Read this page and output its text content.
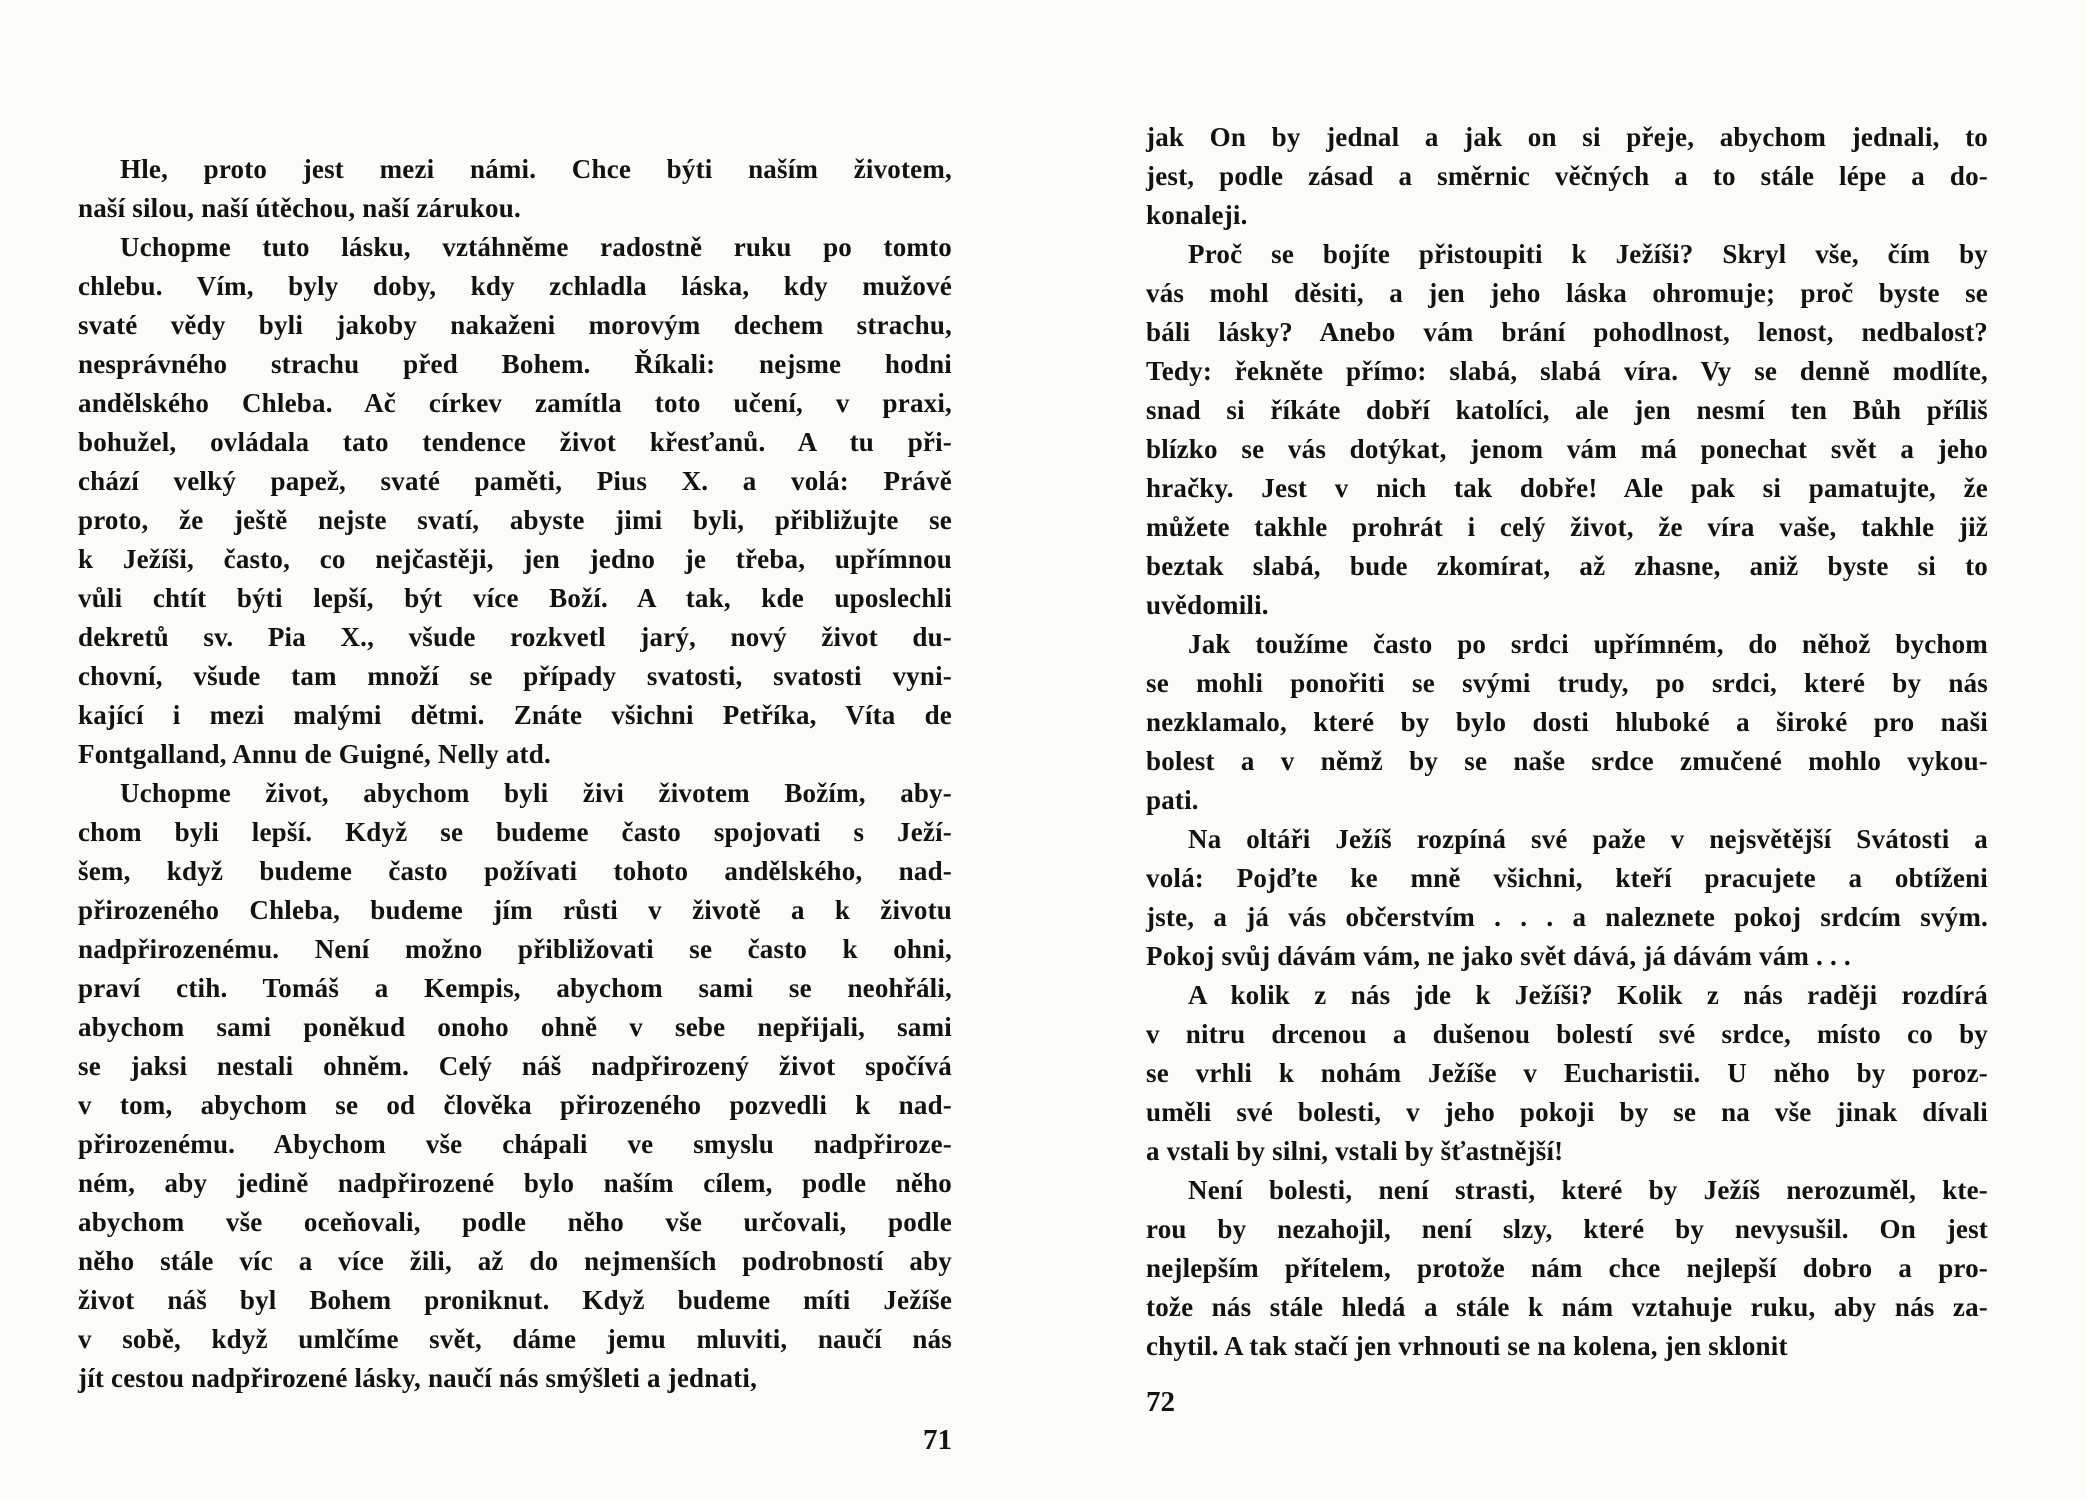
Hle, proto jest mezi námi. Chce býti naším životem,
naší silou, naší útěchou, naší zárukou.
Uchopme tuto lásku, vztáhněme radostně ruku po tomto
chlebu. Vím, byly doby, kdy zchladla láska, kdy mužové
svaté vědy byli jakoby nakaženi morovým dechem strachu,
nesprávného strachu před Bohem. Říkali: nejsme hodni
andělského Chleba. Ač církev zamítla toto učení, v praxi,
bohužel, ovládala tato tendence život křesťanů. A tu při-
chází velký papež, svaté paměti, Pius X. a volá: Právě
proto, že ještě nejste svatí, abyste jimi byli, přibližujte se
k Ježíši, často, co nejčastěji, jen jedno je třeba, upřímnou
vůli chtít býti lepší, být více Boží. A tak, kde uposlechli
dekretů sv. Pia X., všude rozkvetl jarý, nový život du-
chovní, všude tam množí se případy svatosti, svatosti vyni-
kající i mezi malými dětmi. Znáte všichni Petříka, Víta de
Fontgalland, Annu de Guigné, Nelly atd.
Uchopme život, abychom byli živi životem Božím, aby-
chom byli lepší. Když se budeme často spojovati s Ježí-
šem, když budeme často požívati tohoto andělského, nad-
přirozeného Chleba, budeme jím růsti v životě a k životu
nadpřirozenému. Není možno přibližovati se často k ohni,
praví ctih. Tomáš a Kempis, abychom sami se neohřáli,
abychom sami poněkud onoho ohně v sebe nepřijali, sami
se jaksi nestali ohněm. Celý náš nadpřirozený život spočívá
v tom, abychom se od člověka přirozeného pozvedli k nad-
přirozenému. Abychom vše chápali ve smyslu nadpřiroze-
ném, aby jedině nadpřirozené bylo naším cílem, podle něho
abychom vše oceňovali, podle něho vše určovali, podle
něho stále víc a více žili, až do nejmenších podrobností aby
život náš byl Bohem proniknut. Když budeme míti Ježíše
v sobě, když umlčíme svět, dáme jemu mluviti, naučí nás
jít cestou nadpřirozené lásky, naučí nás smýšleti a jednati,
71
jak On by jednal a jak on si přeje, abychom jednali, to
jest, podle zásad a směrnic věčných a to stále lépe a do-
konaleji.
Proč se bojíte přistoupiti k Ježíši? Skryl vše, čím by
vás mohl děsiti, a jen jeho láska ohromuje; proč byste se
báli lásky? Anebo vám brání pohodlnost, lenost, nedbalost?
Tedy: řekněte přímo: slabá, slabá víra. Vy se denně modlíte,
snad si říkáte dobří katolíci, ale jen nesmí ten Bůh příliš
blízko se vás dotýkat, jenom vám má ponechat svět a jeho
hračky. Jest v nich tak dobře! Ale pak si pamatujte, že
můžete takhle prohrát i celý život, že víra vaše, takhle již
beztak slabá, bude zkomírat, až zhasne, aniž byste si to
uvědomili.
Jak toužíme často po srdci upřímném, do něhož bychom
se mohli ponořiti se svými trudy, po srdci, které by nás
nezklamalo, které by bylo dosti hluboké a široké pro naši
bolest a v němž by se naše srdce zmučené mohlo vykou-
pati.
Na oltáři Ježíš rozpíná své paže v nejsvětější Svátosti a
volá: Pojďte ke mně všichni, kteří pracujete a obtíženi
jste, a já vás občerstvím . . . a naleznete pokoj srdcím svým.
Pokoj svůj dávám vám, ne jako svět dává, já dávám vám . . .
A kolik z nás jde k Ježíši? Kolik z nás raději rozdírá
v nitru drcenou a dušenou bolestí své srdce, místo co by
se vrhli k nohám Ježíše v Eucharistii. U něho by poroz-
uměli své bolesti, v jeho pokoji by se na vše jinak dívali
a vstali by silni, vstali by šťastnější!
Není bolesti, není strasti, které by Ježíš nerozuměl, kte-
rou by nezahojil, není slzy, které by nevysušil. On jest
nejlepším přítelem, protože nám chce nejlepší dobro a pro-
tože nás stále hledá a stále k nám vztahuje ruku, aby nás za-
chytil. A tak stačí jen vrhnouti se na kolena, jen sklonit
72
